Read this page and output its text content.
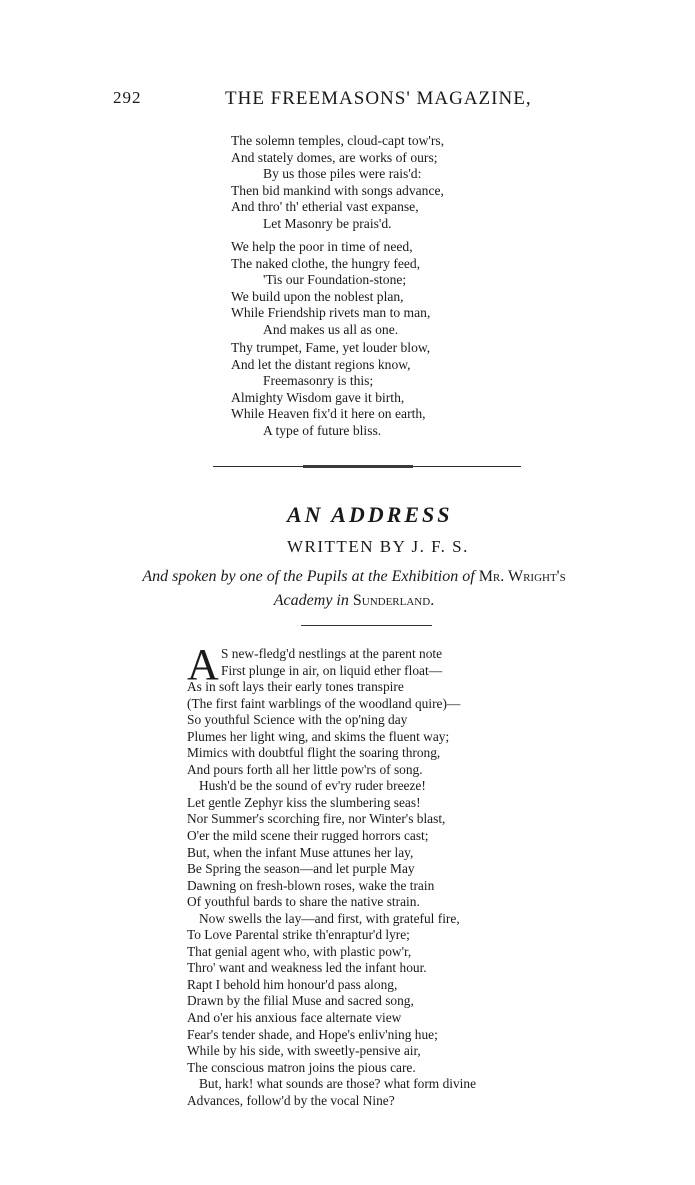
292	THE FREEMASONS' MAGAZINE,
The solemn temples, cloud-capt tow'rs,
And stately domes, are works of ours;
By us those piles were rais'd:
Then bid mankind with songs advance,
And thro' th' etherial vast expanse,
Let Masonry be prais'd.
We help the poor in time of need,
The naked clothe, the hungry feed,
'Tis our Foundation-stone;
We build upon the noblest plan,
While Friendship rivets man to man,
And makes us all as one.
Thy trumpet, Fame, yet louder blow,
And let the distant regions know,
Freemasonry is this;
Almighty Wisdom gave it birth,
While Heaven fix'd it here on earth,
A type of future bliss.
AN ADDRESS
WRITTEN BY J. F. S.
And spoken by one of the Pupils at the Exhibition of Mr. Wright's
Academy in Sunderland.
A S new-fledg'd nestlings at the parent note
First plunge in air, on liquid ether float—
As in soft lays their early tones transpire
(The first faint warblings of the woodland quire)—
So youthful Science with the op'ning day
Plumes her light wing, and skims the fluent way;
Mimics with doubtful flight the soaring throng,
And pours forth all her little pow'rs of song.
Hush'd be the sound of ev'ry ruder breeze!
Let gentle Zephyr kiss the slumbering seas!
Nor Summer's scorching fire, nor Winter's blast,
O'er the mild scene their rugged horrors cast;
But, when the infant Muse attunes her lay,
Be Spring the season—and let purple May
Dawning on fresh-blown roses, wake the train
Of youthful bards to share the native strain.
Now swells the lay—and first, with grateful fire,
To Love Parental strike th'enraptur'd lyre;
That genial agent who, with plastic pow'r,
Thro' want and weakness led the infant hour.
Rapt I behold him honour'd pass along,
Drawn by the filial Muse and sacred song,
And o'er his anxious face alternate view
Fear's tender shade, and Hope's enliv'ning hue;
While by his side, with sweetly-pensive air,
The conscious matron joins the pious care.
But, hark! what sounds are those? what form divine
Advances, follow'd by the vocal Nine?
